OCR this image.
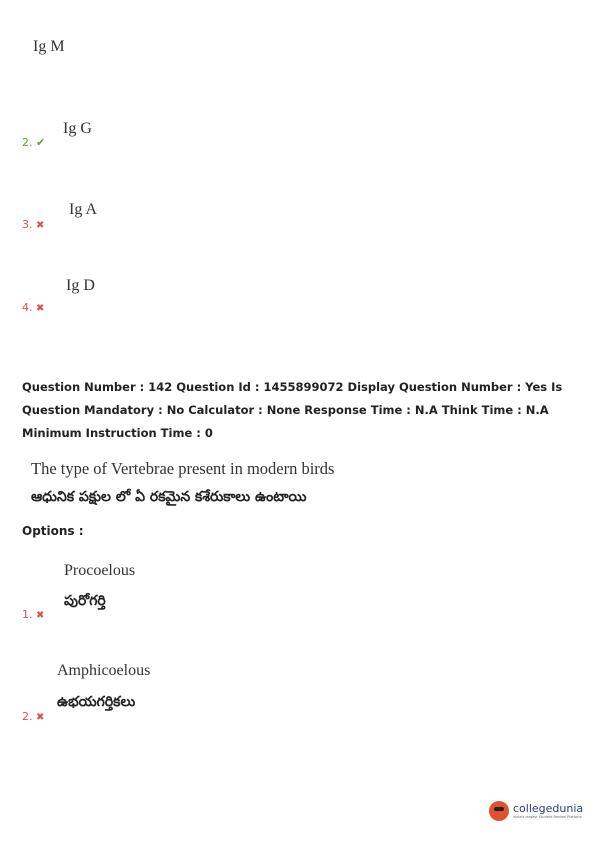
Ig M
Ig G
2. ✔
Ig A
3. ✖
Ig D
4. ✖
Question Number : 142 Question Id : 1455899072 Display Question Number : Yes Is Question Mandatory : No Calculator : None Response Time : N.A Think Time : N.A Minimum Instruction Time : 0
The type of Vertebrae present in modern birds
ఆధునిక పక్షుల లో ఏ రకమైన కశేరుకాలు ఉంటాయి
Options :
Procoelous
పురోగర్తి
1. ✖
Amphicoelous
ఉభయగర్తికలు
2. ✖
collegedunia
India's largest Student Review Platform
